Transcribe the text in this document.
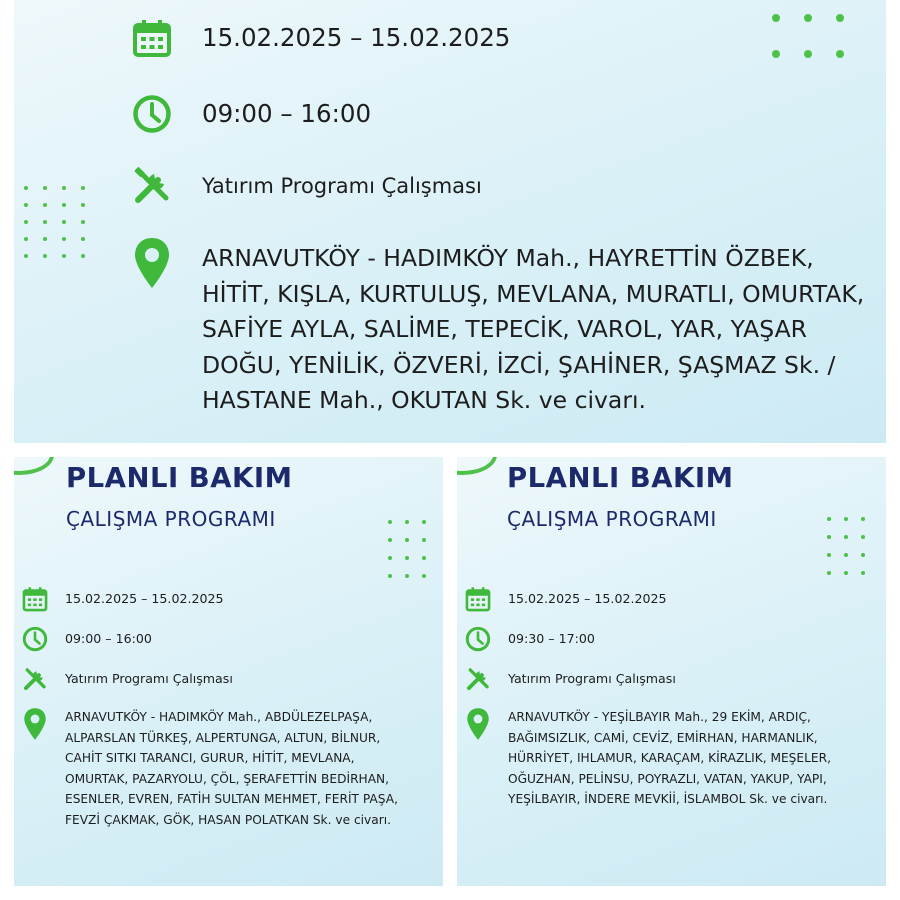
15.02.2025 – 15.02.2025
09:00 – 16:00
Yatırım Programı Çalışması
ARNAVUTKÖY - HADIMKÖY Mah., HAYRETTİN ÖZBEK, HİTİT, KIŞLA, KURTULUŞ, MEVLANA, MURATLI, OMURTAK, SAFİYE AYLA, SALİME, TEPECİK, VAROL, YAR, YAŞAR DOĞU, YENİLİK, ÖZVERİ, İZCİ, ŞAHİNER, ŞAŞMAZ Sk. / HASTANE Mah., OKUTAN Sk. ve civarı.
PLANLI BAKIM
ÇALIŞMA PROGRAMI
15.02.2025 – 15.02.2025
09:00 – 16:00
Yatırım Programı Çalışması
ARNAVUTKÖY - HADIMKÖY Mah., ABDÜLEZELPAŞA, ALPARSLAN TÜRKEŞ, ALPERTUNGA, ALTUN, BİLNUR, CAHİT SITKI TARANCI, GURUR, HİTİT, MEVLANA, OMURTAK, PAZARYOLU, ÇÖL, ŞERAFETTİN BEDİRHAN, ESENLER, EVREN, FATİH SULTAN MEHMET, FERİT PAŞA, FEVZİ ÇAKMAK, GÖK, HASAN POLATKAN Sk. ve civarı.
PLANLI BAKIM
ÇALIŞMA PROGRAMI
15.02.2025 – 15.02.2025
09:30 – 17:00
Yatırım Programı Çalışması
ARNAVUTKÖY - YEŞİLBAYIR Mah., 29 EKİM, ARDIÇ, BAĞIMSIZLIK, CAMİ, CEVİZ, EMİRHAN, HARMANLIK, HÜRRİYET, IHLAMUR, KARAÇAM, KİRAZLIK, MEŞELER, OĞUZHAN, PELİNSU, POYRAZLI, VATAN, YAKUP, YAPI, YEŞİLBAYIR, İNDERE MEVKİİ, İSLAMBOL Sk. ve civarı.
